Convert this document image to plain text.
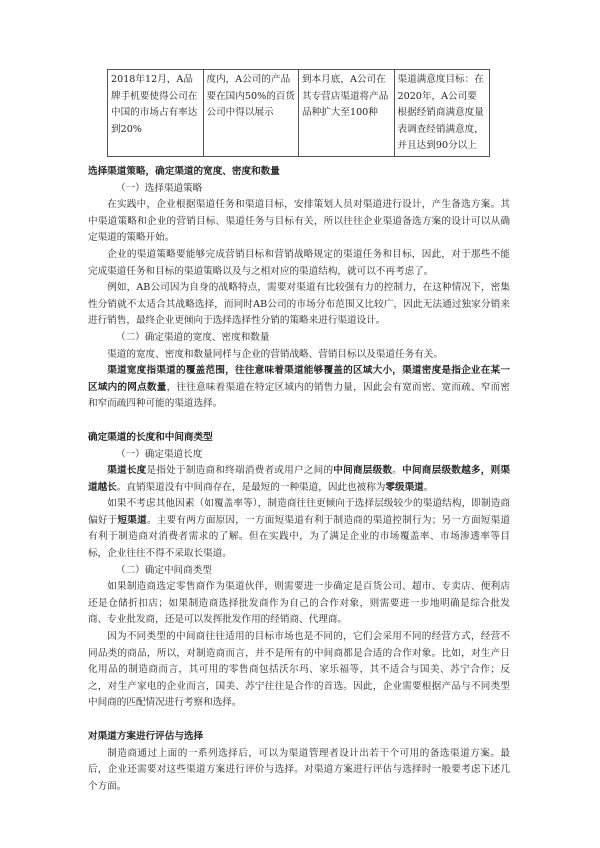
2018年12月，A品牌手机要使得公司在中国的市场占有率达到20%	度内，A公司的产品要在国内50%的百货公司中得以展示	到本月底，A公司在其专营店渠道将产品品种扩大至100种	渠道满意度目标：在2020年，A公司要根据经销商满意度量表调查经销满意度，并且达到90分以上
选择渠道策略，确定渠道的宽度、密度和数量
（一）选择渠道策略

在实践中，企业根据渠道任务和渠道目标，安排策划人员对渠道进行设计，产生备选方案。其中渠道策略和企业的营销目标、渠道任务与目标有关，所以往往企业渠道备选方案的设计可以从确定渠道的策略开始。

企业的渠道策略要能够完成营销目标和营销战略规定的渠道任务和目标，因此，对于那些不能完成渠道任务和目标的渠道策略以及与之相对应的渠道结构，就可以不再考虑了。

例如，AB公司因为自身的战略特点，需要对渠道有比较强有力的控制力，在这种情况下，密集性分销就不太适合其战略选择，而同时AB公司的市场分布范围又比较广，因此无法通过独家分销来进行销售，最终企业更倾向于选择选择性分销的策略来进行渠道设计。

（二）确定渠道的宽度、密度和数量

渠道的宽度、密度和数量同样与企业的营销战略、营销目标以及渠道任务有关。

渠道宽度指渠道的覆盖范围，往往意味着渠道能够覆盖的区域大小，渠道密度是指企业在某一区域内的网点数量，往往意味着渠道在特定区域内的销售力量，因此会有宽而密、宽而疏、窄而密和窄而疏四种可能的渠道选择。

确定渠道的长度和中间商类型
（一）确定渠道长度

渠道长度是指处于制造商和终端消费者或用户之间的中间商层级数。中间商层级数越多，则渠道越长。直销渠道没有中间商存在，是最短的一种渠道，因此也被称为零级渠道。

如果不考虑其他因素（如覆盖率等），制造商往往更倾向于选择层级较少的渠道结构，即制造商偏好于短渠道。主要有两方面原因，一方面短渠道有利于制造商的渠道控制行为；另一方面短渠道有利于制造商对消费者需求的了解。但在实践中，为了满足企业的市场覆盖率、市场渗透率等目标，企业往往不得不采取长渠道。

（二）确定中间商类型

如果制造商选定零售商作为渠道伙伴，则需要进一步确定是百货公司、超市、专卖店、便利店还是仓储折扣店；如果制造商选择批发商作为自己的合作对象，则需要进一步地明确是综合批发商、专业批发商，还是可以发挥批发作用的经销商、代理商。

因为不同类型的中间商往往适用的目标市场也是不同的，它们会采用不同的经营方式，经营不同品类的商品，所以，对制造商而言，并不是所有的中间商都是合适的合作对象。比如，对生产日化用品的制造商而言，其可用的零售商包括沃尔玛、家乐福等，其不适合与国美、苏宁合作；反之，对生产家电的企业而言，国美、苏宁往往是合作的首选。因此，企业需要根据产品与不同类型中间商的匹配情况进行考察和选择。

对渠道方案进行评估与选择

制造商通过上面的一系列选择后，可以为渠道管理者设计出若干个可用的备选渠道方案。最后，企业还需要对这些渠道方案进行评价与选择。对渠道方案进行评估与选择时一般要考虑下述几个方面。
